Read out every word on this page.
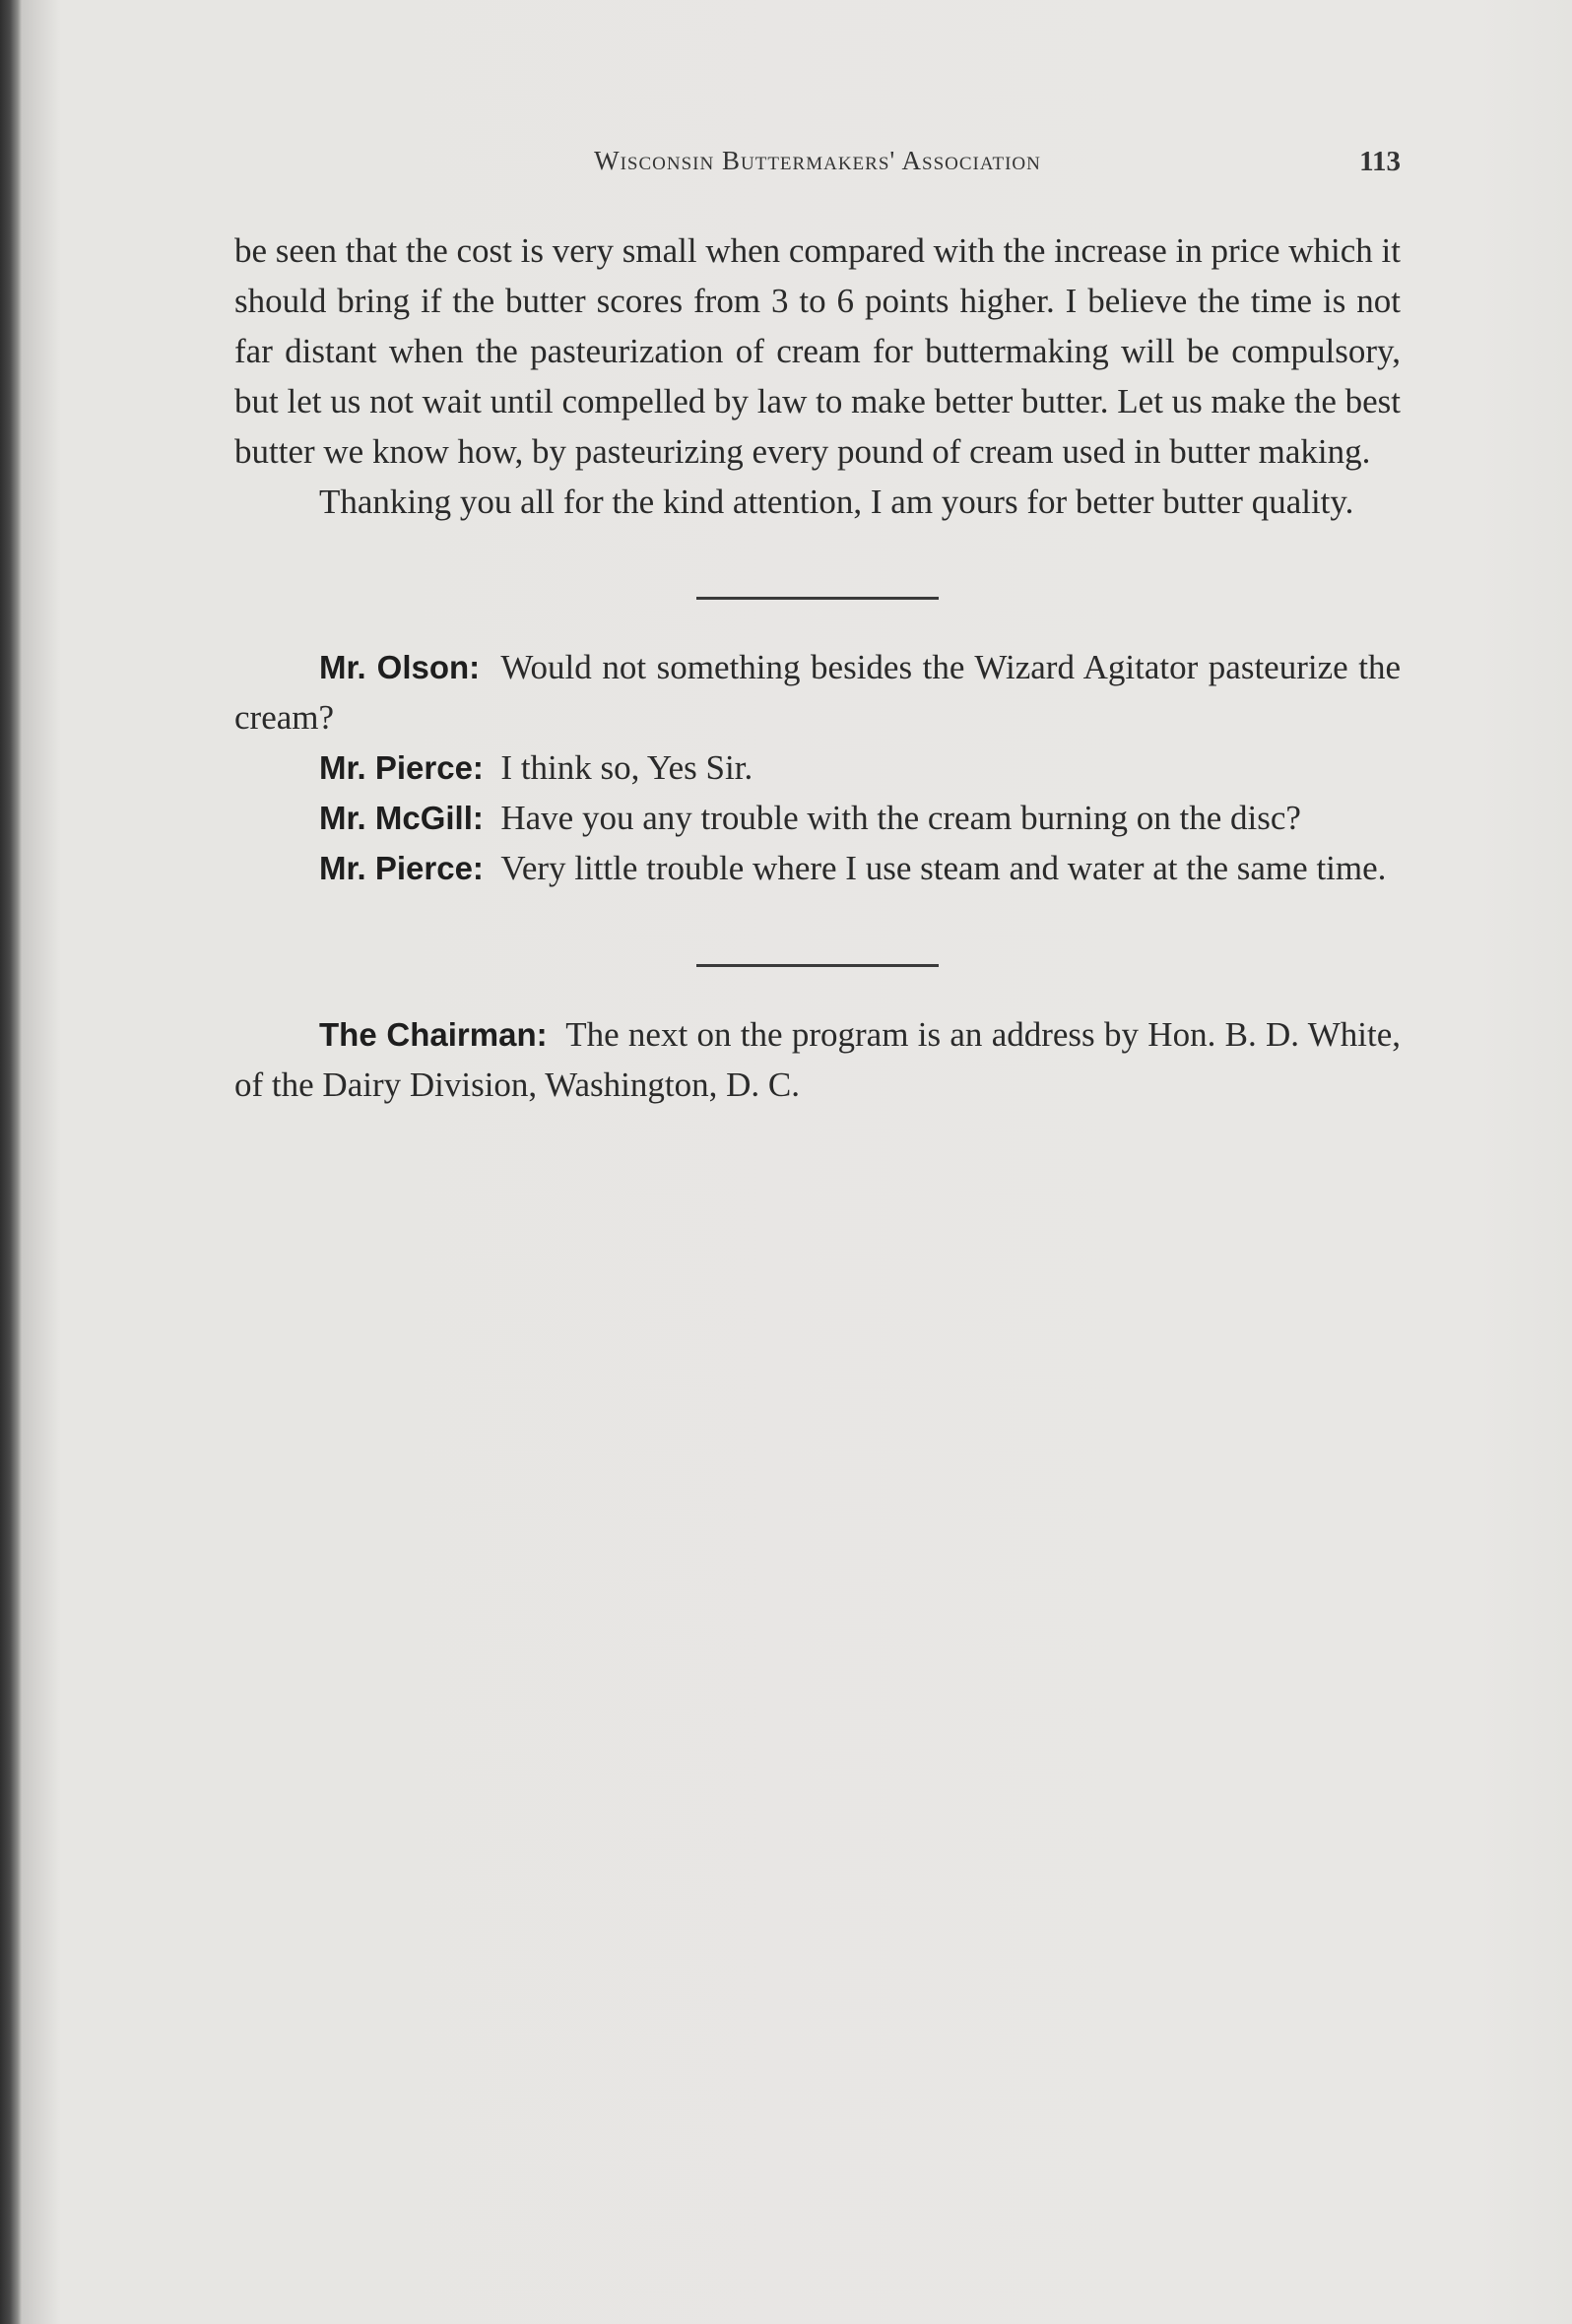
Wisconsin Buttermakers' Association	113

be seen that the cost is very small when compared with the increase in price which it should bring if the butter scores from 3 to 6 points higher. I believe the time is not far distant when the pasteurization of cream for buttermaking will be compulsory, but let us not wait until compelled by law to make better butter. Let us make the best butter we know how, by pasteurizing every pound of cream used in butter making.

Thanking you all for the kind attention, I am yours for better butter quality.

Mr. Olson: Would not something besides the Wizard Agitator pasteurize the cream?

Mr. Pierce: I think so, Yes Sir.

Mr. McGill: Have you any trouble with the cream burning on the disc?

Mr. Pierce: Very little trouble where I use steam and water at the same time.

The Chairman: The next on the program is an address by Hon. B. D. White, of the Dairy Division, Washington, D. C.
